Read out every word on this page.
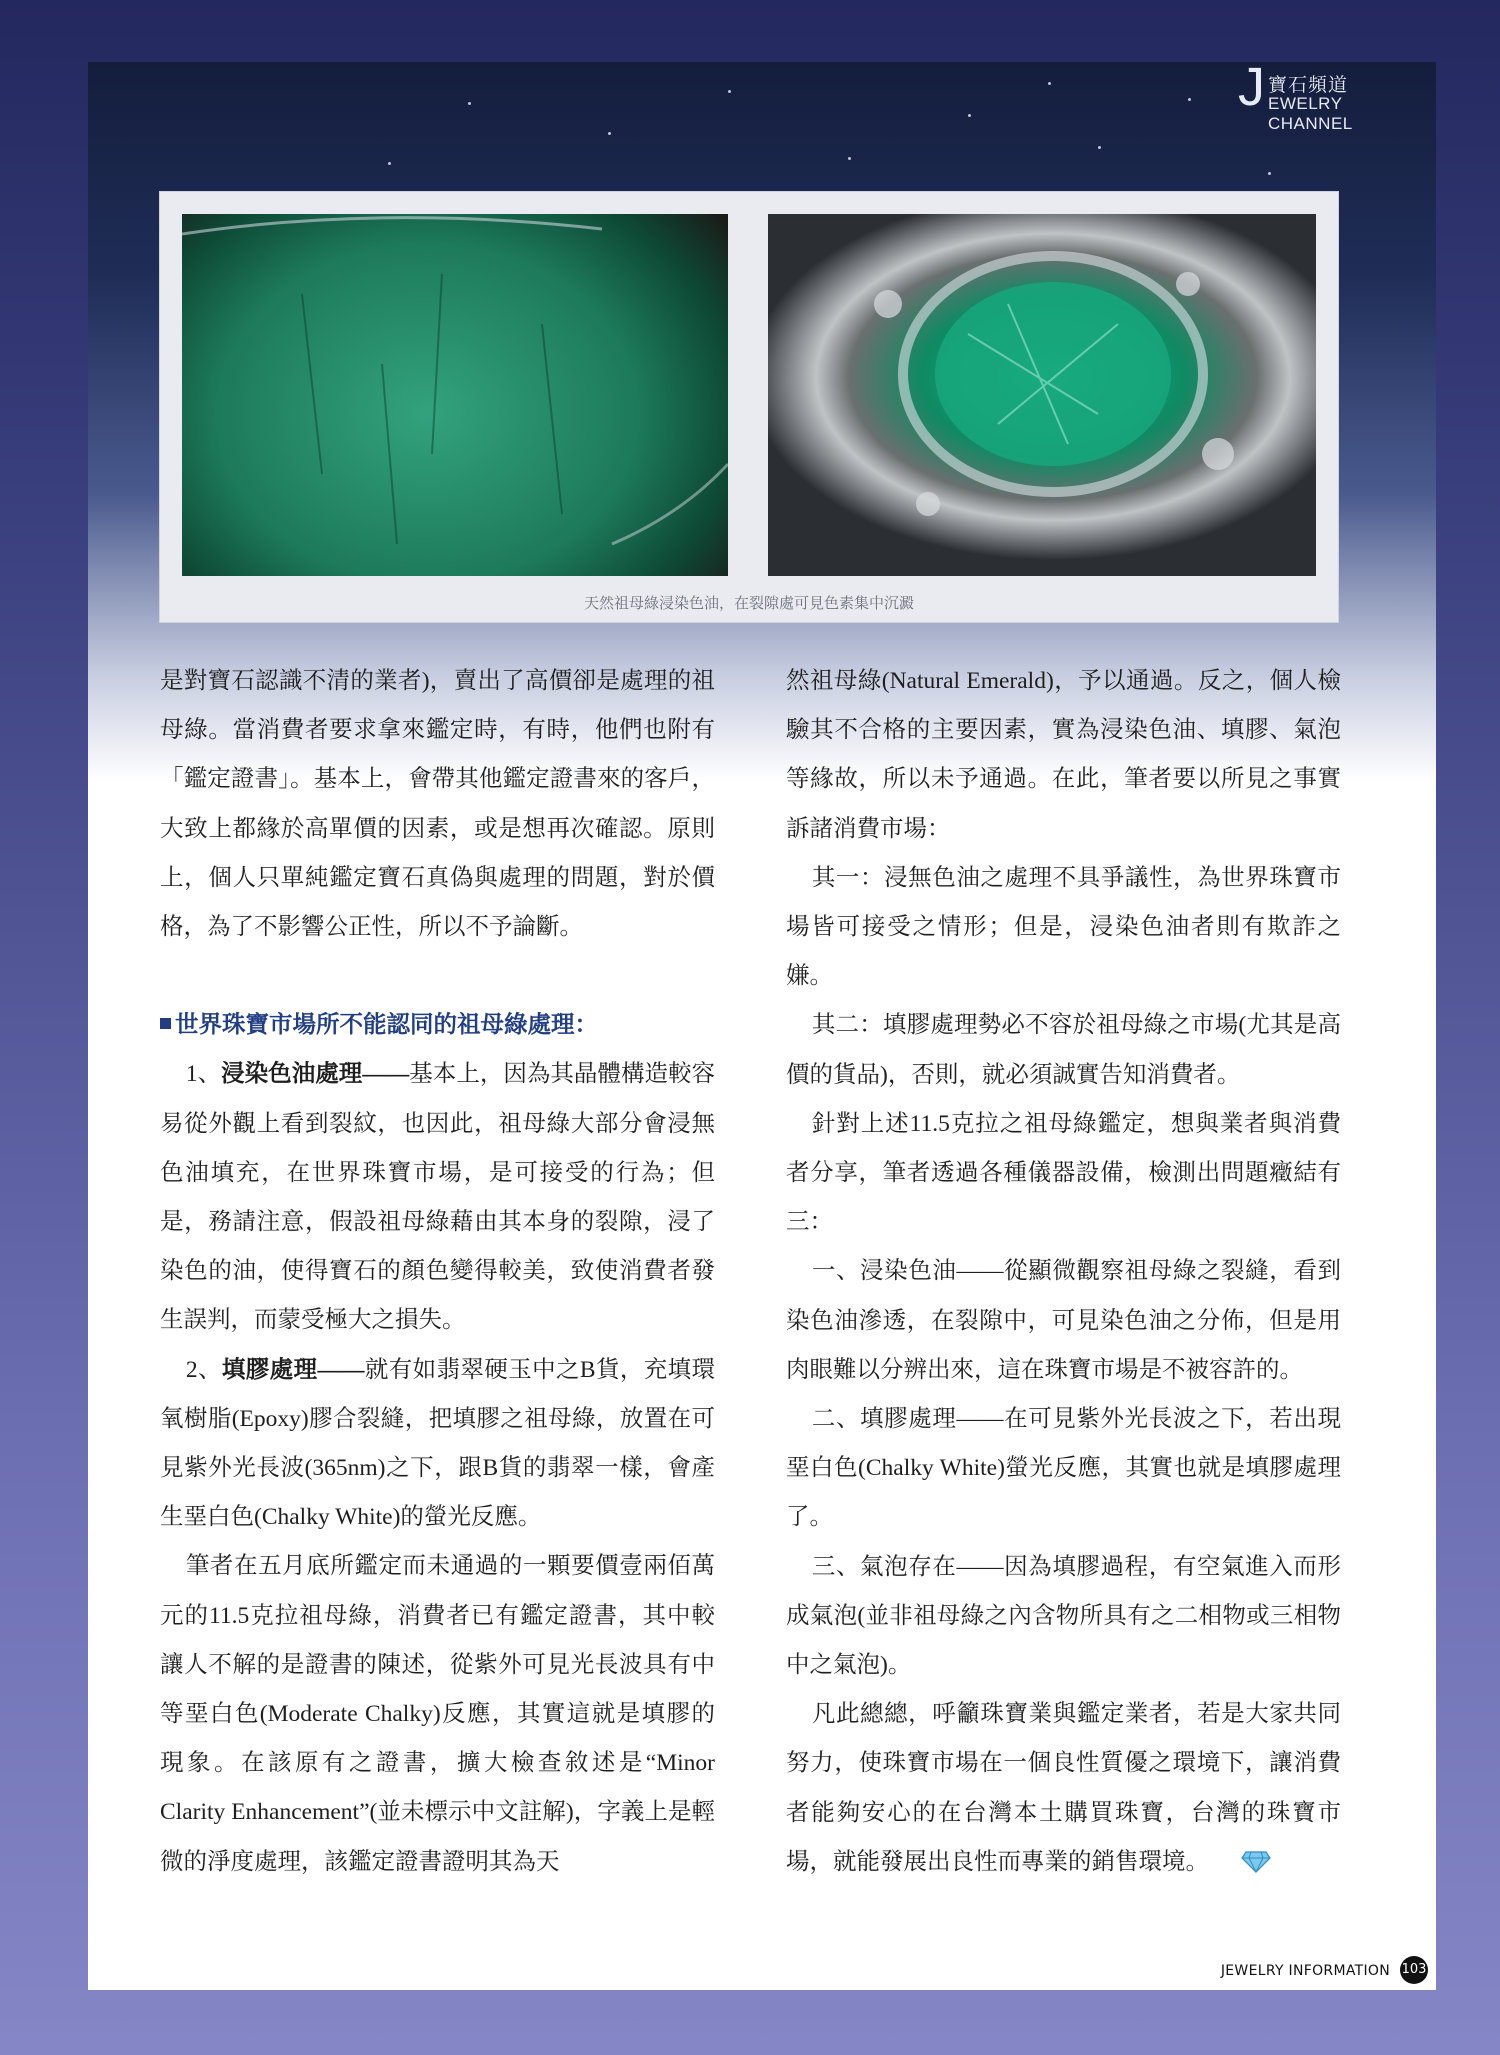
J 寶石頻道
EWELRY CHANNEL
天然祖母綠浸染色油，在裂隙處可見色素集中沉澱

是對寶石認識不清的業者)，賣出了高價卻是處理的祖母綠。當消費者要求拿來鑑定時，有時，他們也附有「鑑定證書」。基本上，會帶其他鑑定證書來的客戶，大致上都緣於高單價的因素，或是想再次確認。原則上，個人只單純鑑定寶石真偽與處理的問題，對於價格，為了不影響公正性，所以不予論斷。

世界珠寶市場所不能認同的祖母綠處理：

1、浸染色油處理——基本上，因為其晶體構造較容易從外觀上看到裂紋，也因此，祖母綠大部分會浸無色油填充，在世界珠寶市場，是可接受的行為；但是，務請注意，假設祖母綠藉由其本身的裂隙，浸了染色的油，使得寶石的顏色變得較美，致使消費者發生誤判，而蒙受極大之損失。

2、填膠處理——就有如翡翠硬玉中之B貨，充填環氧樹脂(Epoxy)膠合裂縫，把填膠之祖母綠，放置在可見紫外光長波(365nm)之下，跟B貨的翡翠一樣，會產生堊白色(Chalky White)的螢光反應。

筆者在五月底所鑑定而未通過的一顆要價壹兩佰萬元的11.5克拉祖母綠，消費者已有鑑定證書，其中較讓人不解的是證書的陳述，從紫外可見光長波具有中等堊白色(Moderate Chalky)反應，其實這就是填膠的現象。在該原有之證書，擴大檢查敘述是“Minor Clarity Enhancement”(並未標示中文註解)，字義上是輕微的淨度處理，該鑑定證書證明其為天

然祖母綠(Natural Emerald)，予以通過。反之，個人檢驗其不合格的主要因素，實為浸染色油、填膠、氣泡等緣故，所以未予通過。在此，筆者要以所見之事實訴諸消費市場：

其一：浸無色油之處理不具爭議性，為世界珠寶市場皆可接受之情形；但是，浸染色油者則有欺詐之嫌。

其二：填膠處理勢必不容於祖母綠之市場(尤其是高價的貨品)，否則，就必須誠實告知消費者。

針對上述11.5克拉之祖母綠鑑定，想與業者與消費者分享，筆者透過各種儀器設備，檢測出問題癥結有三：

一、浸染色油——從顯微觀察祖母綠之裂縫，看到染色油滲透，在裂隙中，可見染色油之分佈，但是用肉眼難以分辨出來，這在珠寶市場是不被容許的。

二、填膠處理——在可見紫外光長波之下，若出現堊白色(Chalky White)螢光反應，其實也就是填膠處理了。

三、氣泡存在——因為填膠過程，有空氣進入而形成氣泡(並非祖母綠之內含物所具有之二相物或三相物中之氣泡)。

凡此總總，呼籲珠寶業與鑑定業者，若是大家共同努力，使珠寶市場在一個良性質優之環境下，讓消費者能夠安心的在台灣本土購買珠寶，台灣的珠寶市場，就能發展出良性而專業的銷售環境。

JEWELRY INFORMATION 103
